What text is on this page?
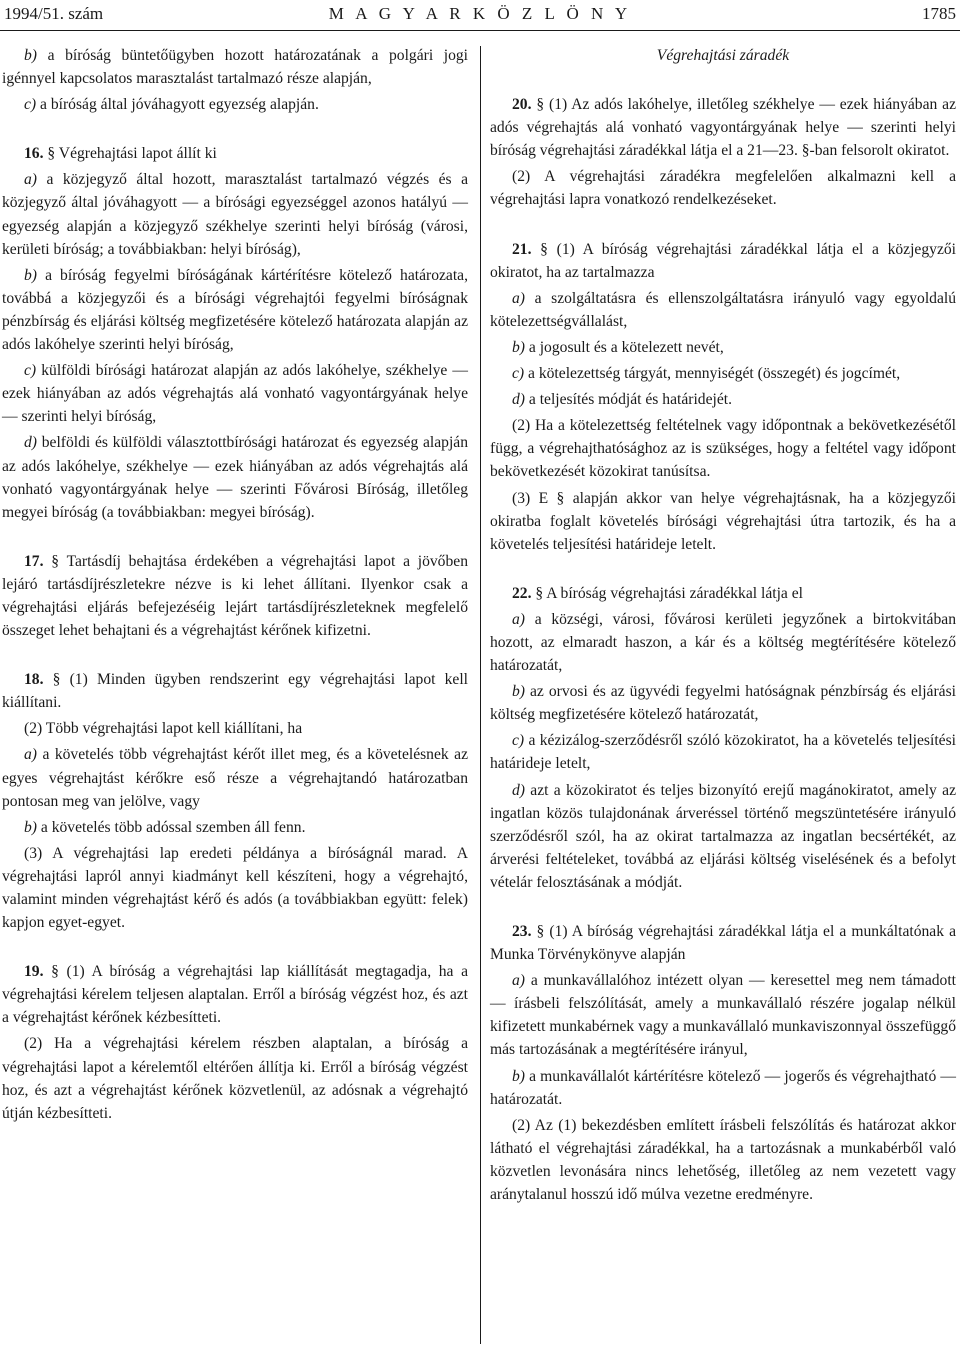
1994/51. szám	M A G Y A R K Ö Z L Ö N Y	1785

b) a bíróság büntetőügyben hozott határozatának a polgári jogi igénnyel kapcsolatos marasztalást tartalmazó része alapján,

c) a bíróság által jóváhagyott egyezség alapján.

16. § Végrehajtási lapot állít ki

a) a közjegyző által hozott, marasztalást tartalmazó végzés és a közjegyző által jóváhagyott — a bírósági egyezséggel azonos hatályú — egyezség alapján a közjegyző székhelye szerinti helyi bíróság (városi, kerületi bíróság; a továbbiakban: helyi bíróság),

b) a bíróság fegyelmi bíróságának kártérítésre kötelező határozata, továbbá a közjegyzői és a bírósági végrehajtói fegyelmi bíróságnak pénzbírság és eljárási költség megfizetésére kötelező határozata alapján az adós lakóhelye szerinti helyi bíróság,

c) külföldi bírósági határozat alapján az adós lakóhelye, székhelye — ezek hiányában az adós végrehajtás alá vonható vagyontárgyának helye — szerinti helyi bíróság,

d) belföldi és külföldi választottbírósági határozat és egyezség alapján az adós lakóhelye, székhelye — ezek hiányában az adós végrehajtás alá vonható vagyontárgyának helye — szerinti Fővárosi Bíróság, illetőleg megyei bíróság (a továbbiakban: megyei bíróság).

17. § Tartásdíj behajtása érdekében a végrehajtási lapot a jövőben lejáró tartásdíjrészletekre nézve is ki lehet állítani. Ilyenkor csak a végrehajtási eljárás befejezéséig lejárt tartásdíjrészleteknek megfelelő összeget lehet behajtani és a végrehajtást kérőnek kifizetni.

18. § (1) Minden ügyben rendszerint egy végrehajtási lapot kell kiállítani.

(2) Több végrehajtási lapot kell kiállítani, ha

a) a követelés több végrehajtást kérőt illet meg, és a követelésnek az egyes végrehajtást kérőkre eső része a végrehajtandó határozatban pontosan meg van jelölve, vagy

b) a követelés több adóssal szemben áll fenn.

(3) A végrehajtási lap eredeti példánya a bíróságnál marad. A végrehajtási lapról annyi kiadmányt kell készíteni, hogy a végrehajtó, valamint minden végrehajtást kérő és adós (a továbbiakban együtt: felek) kapjon egyet-egyet.

19. § (1) A bíróság a végrehajtási lap kiállítását megtagadja, ha a végrehajtási kérelem teljesen alaptalan. Erről a bíróság végzést hoz, és azt a végrehajtást kérőnek kézbesítteti.

(2) Ha a végrehajtási kérelem részben alaptalan, a bíróság a végrehajtási lapot a kérelemtől eltérően állítja ki. Erről a bíróság végzést hoz, és azt a végrehajtást kérőnek közvetlenül, az adósnak a végrehajtó útján kézbesítteti.

Végrehajtási záradék

20. § (1) Az adós lakóhelye, illetőleg székhelye — ezek hiányában az adós végrehajtás alá vonható vagyontárgyának helye — szerinti helyi bíróság végrehajtási záradékkal látja el a 21—23. §-ban felsorolt okiratot.

(2) A végrehajtási záradékra megfelelően alkalmazni kell a végrehajtási lapra vonatkozó rendelkezéseket.

21. § (1) A bíróság végrehajtási záradékkal látja el a közjegyzői okiratot, ha az tartalmazza

a) a szolgáltatásra és ellenszolgáltatásra irányuló vagy egyoldalú kötelezettségvállalást,

b) a jogosult és a kötelezett nevét,

c) a kötelezettség tárgyát, mennyiségét (összegét) és jogcímét,

d) a teljesítés módját és határidejét.

(2) Ha a kötelezettség feltételnek vagy időpontnak a bekövetkezésétől függ, a végrehajthatósághoz az is szükséges, hogy a feltétel vagy időpont bekövetkezését közokirat tanúsítsa.

(3) E § alapján akkor van helye végrehajtásnak, ha a közjegyzői okiratba foglalt követelés bírósági végrehajtási útra tartozik, és ha a követelés teljesítési határideje letelt.

22. § A bíróság végrehajtási záradékkal látja el

a) a községi, városi, fővárosi kerületi jegyzőnek a birtokvitában hozott, az elmaradt haszon, a kár és a költség megtérítésére kötelező határozatát,

b) az orvosi és az ügyvédi fegyelmi hatóságnak pénzbírság és eljárási költség megfizetésére kötelező határozatát,

c) a kézizálog-szerződésről szóló közokiratot, ha a követelés teljesítési határideje letelt,

d) azt a közokiratot és teljes bizonyító erejű magánokiratot, amely az ingatlan közös tulajdonának árveréssel történő megszüntetésére irányuló szerződésről szól, ha az okirat tartalmazza az ingatlan becsértékét, az árverési feltételeket, továbbá az eljárási költség viselésének és a befolyt vételár felosztásának a módját.

23. § (1) A bíróság végrehajtási záradékkal látja el a munkáltatónak a Munka Törvénykönyve alapján

a) a munkavállalóhoz intézett olyan — keresettel meg nem támadott — írásbeli felszólítását, amely a munkavállaló részére jogalap nélkül kifizetett munkabérnek vagy a munkavállaló munkaviszonnyal összefüggő más tartozásának a megtérítésére irányul,

b) a munkavállalót kártérítésre kötelező — jogerős és végrehajtható — határozatát.

(2) Az (1) bekezdésben említett írásbeli felszólítás és határozat akkor látható el végrehajtási záradékkal, ha a tartozásnak a munkabérből való közvetlen levonására nincs lehetőség, illetőleg az nem vezetett vagy aránytalanul hosszú idő múlva vezetne eredményre.
